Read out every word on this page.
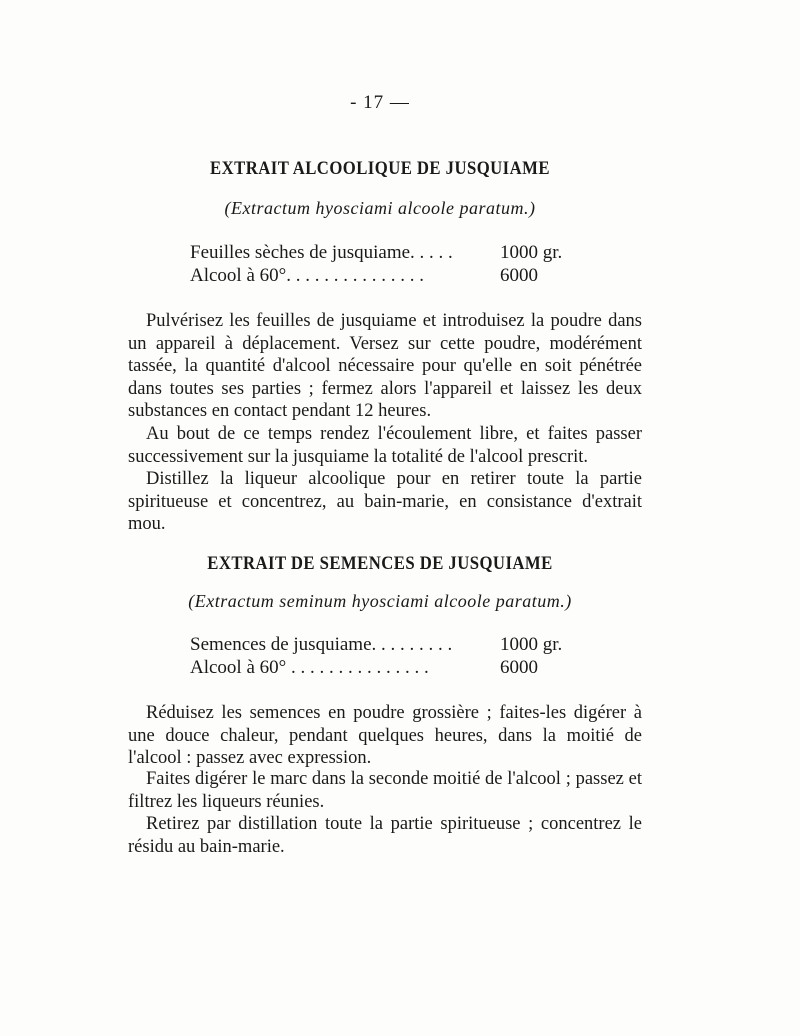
- 17 —
EXTRAIT ALCOOLIQUE DE JUSQUIAME
(Extractum hyosciami alcoole paratum.)
Feuilles sèches de jusquiame. . . . .	1000 gr.
Alcool à 60°. . . . . . . . . . . . . . .	6000

Pulvérisez les feuilles de jusquiame et introduisez la poudre dans un appareil à déplacement. Versez sur cette poudre, modérément tassée, la quantité d'alcool nécessaire pour qu'elle en soit pénétrée dans toutes ses parties ; fermez alors l'appareil et laissez les deux substances en contact pendant 12 heures.

Au bout de ce temps rendez l'écoulement libre, et faites passer successivement sur la jusquiame la totalité de l'alcool prescrit.

Distillez la liqueur alcoolique pour en retirer toute la partie spiritueuse et concentrez, au bain-marie, en consistance d'extrait mou.

EXTRAIT DE SEMENCES DE JUSQUIAME
(Extractum seminum hyosciami alcoole paratum.)
Semences de jusquiame. . . . . . . . .	1000 gr.
Alcool à 60° . . . . . . . . . . . . . . .	6000

Réduisez les semences en poudre grossière ; faites-les digérer à une douce chaleur, pendant quelques heures, dans la moitié de l'alcool : passez avec expression.

Faites digérer le marc dans la seconde moitié de l'alcool ; passez et filtrez les liqueurs réunies.

Retirez par distillation toute la partie spiritueuse ; concentrez le résidu au bain-marie.
